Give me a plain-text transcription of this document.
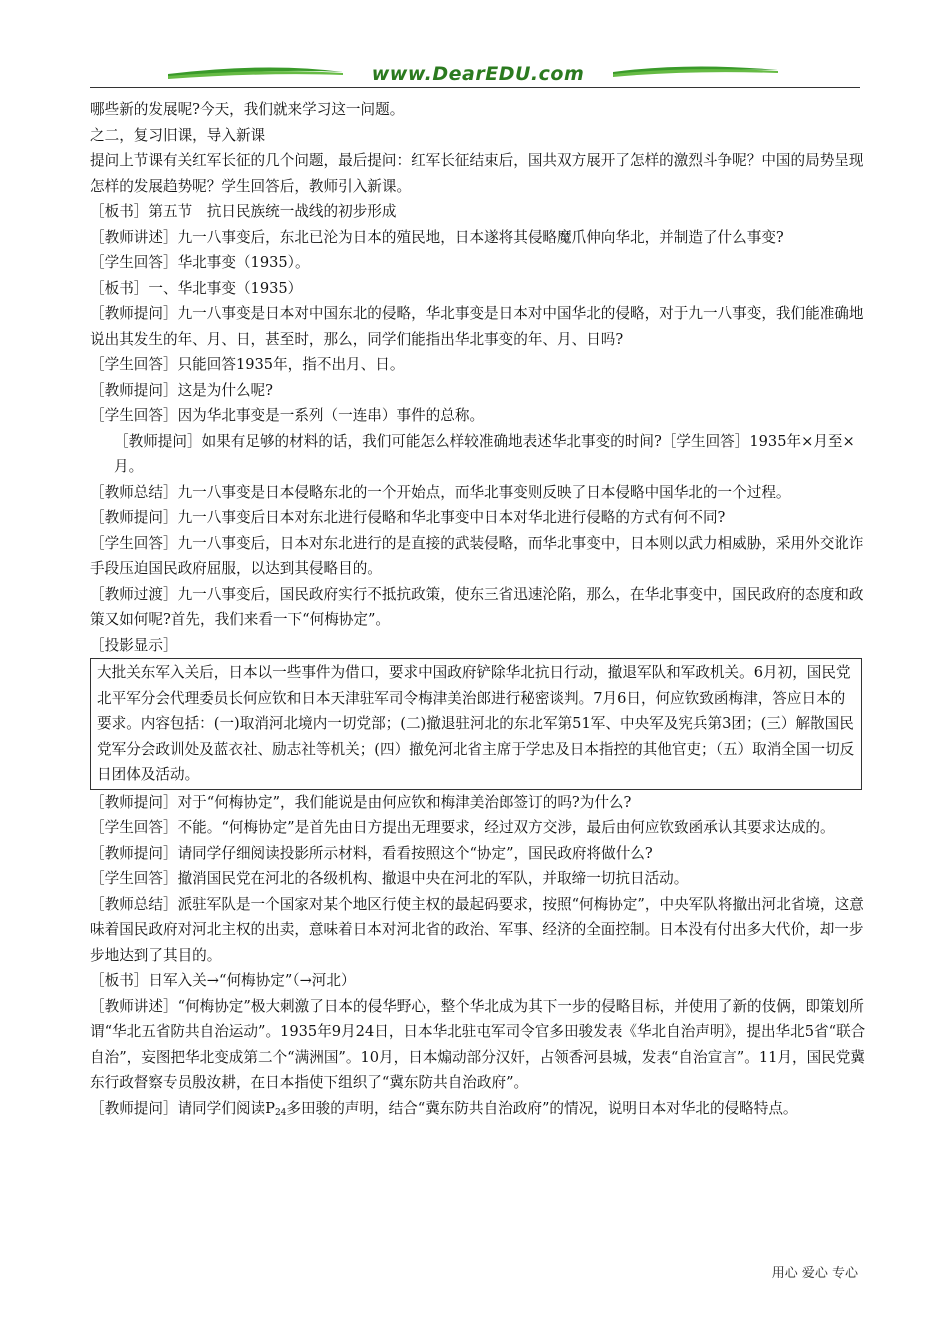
www.DearEDU.com

哪些新的发展呢?今天，我们就来学习这一问题。

之二，复习旧课，导入新课

提问上节课有关红军长征的几个问题，最后提问：红军长征结束后，国共双方展开了怎样的激烈斗争呢？中国的局势呈现怎样的发展趋势呢？学生回答后，教师引入新课。

［板书］第五节　抗日民族统一战线的初步形成

［教师讲述］九一八事变后，东北已沦为日本的殖民地，日本遂将其侵略魔爪伸向华北，并制造了什么事变?

［学生回答］华北事变（1935）。

［板书］一、华北事变（1935）

［教师提问］九一八事变是日本对中国东北的侵略，华北事变是日本对中国华北的侵略，对于九一八事变，我们能准确地说出其发生的年、月、日，甚至时，那么，同学们能指出华北事变的年、月、日吗?

［学生回答］只能回答1935年，指不出月、日。

［教师提问］这是为什么呢?

［学生回答］因为华北事变是一系列（一连串）事件的总称。

［教师提问］如果有足够的材料的话，我们可能怎么样较准确地表述华北事变的时间?［学生回答］1935年×月至×月。

［教师总结］九一八事变是日本侵略东北的一个开始点，而华北事变则反映了日本侵略中国华北的一个过程。

［教师提问］九一八事变后日本对东北进行侵略和华北事变中日本对华北进行侵略的方式有何不同?

［学生回答］九一八事变后，日本对东北进行的是直接的武装侵略，而华北事变中，日本则以武力相威胁，采用外交讹诈手段压迫国民政府屈服，以达到其侵略目的。

［教师过渡］九一八事变后，国民政府实行不抵抗政策，使东三省迅速沦陷，那么，在华北事变中，国民政府的态度和政策又如何呢?首先，我们来看一下“何梅协定”。

［投影显示］

大批关东军入关后，日本以一些事件为借口，要求中国政府铲除华北抗日行动，撤退军队和军政机关。6月初，国民党北平军分会代理委员长何应钦和日本天津驻军司令梅津美治郎进行秘密谈判。7月6日，何应钦致函梅津，答应日本的要求。内容包括：(一)取消河北境内一切党部；(二)撤退驻河北的东北军第51军、中央军及宪兵第3团；(三）解散国民党军分会政训处及蓝衣社、励志社等机关；(四）撤免河北省主席于学忠及日本指控的其他官吏；（五）取消全国一切反日团体及活动。

［教师提问］对于“何梅协定”，我们能说是由何应钦和梅津美治郎签订的吗?为什么?

［学生回答］不能。“何梅协定”是首先由日方提出无理要求，经过双方交涉，最后由何应钦致函承认其要求达成的。

［教师提问］请同学仔细阅读投影所示材料，看看按照这个“协定”，国民政府将做什么?

［学生回答］撤消国民党在河北的各级机构、撤退中央在河北的军队，并取缔一切抗日活动。

［教师总结］派驻军队是一个国家对某个地区行使主权的最起码要求，按照“何梅协定”，中央军队将撤出河北省境，这意味着国民政府对河北主权的出卖，意味着日本对河北省的政治、军事、经济的全面控制。日本没有付出多大代价，却一步步地达到了其目的。

［板书］日军入关→“何梅协定”（→河北）

［教师讲述］“何梅协定”极大刺激了日本的侵华野心，整个华北成为其下一步的侵略目标，并使用了新的伎俩，即策划所谓“华北五省防共自治运动”。1935年9月24日，日本华北驻屯军司令官多田骏发表《华北自治声明》，提出华北5省“联合自治”，妄图把华北变成第二个“满洲国”。10月，日本煽动部分汉奸，占领香河县城，发表“自治宣言”。11月，国民党冀东行政督察专员殷汝耕，在日本指使下组织了“冀东防共自治政府”。

［教师提问］请同学们阅读$P_{24}$多田骏的声明，结合“冀东防共自治政府”的情况，说明日本对华北的侵略特点。

用心 爱心 专心
